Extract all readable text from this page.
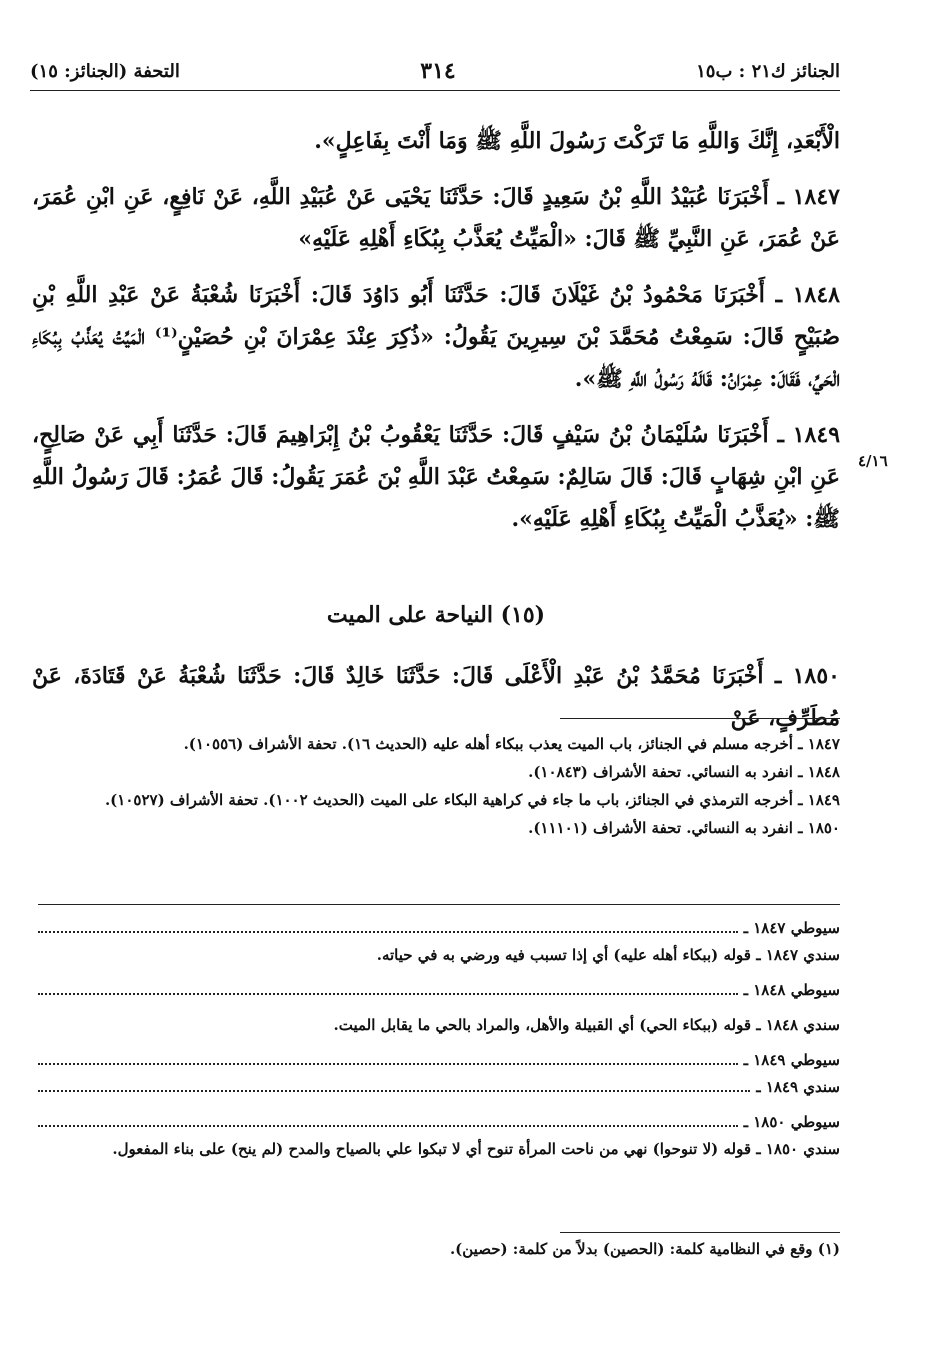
الجنائز ك٢١ : ب١٥
٣١٤
التحفة (الجنائز: ١٥)

الْأَبْعَدِ، إِنَّكَ وَاللَّهِ مَا تَرَكْتَ رَسُولَ اللَّهِ ﷺ وَمَا أَنْتَ بِفَاعِلٍ».

١٨٤٧ ـ أَخْبَرَنَا عُبَيْدُ اللَّهِ بْنُ سَعِيدٍ قَالَ: حَدَّثَنَا يَحْيَى عَنْ عُبَيْدِ اللَّهِ، عَنْ نَافِعٍ، عَنِ ابْنِ عُمَرَ، عَنْ عُمَرَ، عَنِ النَّبِيِّ ﷺ قَالَ: «الْمَيِّتُ يُعَذَّبُ بِبُكَاءِ أَهْلِهِ عَلَيْهِ»

١٨٤٨ ـ أَخْبَرَنَا مَحْمُودُ بْنُ غَيْلَانَ قَالَ: حَدَّثَنَا أَبُو دَاوُدَ قَالَ: أَخْبَرَنَا شُعْبَةُ عَنْ عَبْدِ اللَّهِ بْنِ صُبَيْحٍ قَالَ: سَمِعْتُ مُحَمَّدَ بْنَ سِيرِينَ يَقُولُ: «ذُكِرَ عِنْدَ عِمْرَانَ بْنِ حُصَيْنٍ⁽¹⁾ الْمَيِّتُ يُعَذَّبُ بِبُكَاءِ الْحَيِّ، فَقَالَ: عِمْرَانُ: قَالَهُ رَسُولُ اللَّهِ ﷺ».

١٨٤٩ ـ أَخْبَرَنَا سُلَيْمَانُ بْنُ سَيْفٍ قَالَ: حَدَّثَنَا يَعْقُوبُ بْنُ إِبْرَاهِيمَ قَالَ: حَدَّثَنَا أَبِي عَنْ صَالِحٍ، عَنِ ابْنِ شِهَابٍ قَالَ: قَالَ سَالِمٌ: سَمِعْتُ عَبْدَ اللَّهِ بْنَ عُمَرَ يَقُولُ: قَالَ عُمَرُ: قَالَ رَسُولُ اللَّهِ ﷺ: «يُعَذَّبُ الْمَيِّتُ بِبُكَاءِ أَهْلِهِ عَلَيْهِ».

٤/١٦
(١٥) النياحة على الميت
١٨٥٠ ـ أَخْبَرَنَا مُحَمَّدُ بْنُ عَبْدِ الْأَعْلَى قَالَ: حَدَّثَنَا خَالِدٌ قَالَ: حَدَّثَنَا شُعْبَةُ عَنْ قَتَادَةَ، عَنْ مُطَرِّفٍ، عَنْ

١٨٤٧ ـ أخرجه مسلم في الجنائز، باب الميت يعذب ببكاء أهله عليه (الحديث ١٦). تحفة الأشراف (١٠٥٥٦).

١٨٤٨ ـ انفرد به النسائي. تحفة الأشراف (١٠٨٤٣).

١٨٤٩ ـ أخرجه الترمذي في الجنائز، باب ما جاء في كراهية البكاء على الميت (الحديث ١٠٠٢). تحفة الأشراف (١٠٥٢٧).

١٨٥٠ ـ انفرد به النسائي. تحفة الأشراف (١١١٠١).

سيوطي ١٨٤٧ ـ
سندي ١٨٤٧ ـ قوله (ببكاء أهله عليه) أي إذا تسبب فيه ورضي به في حياته.
سيوطي ١٨٤٨ ـ
سندي ١٨٤٨ ـ قوله (ببكاء الحي) أي القبيلة والأهل، والمراد بالحي ما يقابل الميت.
سيوطي ١٨٤٩ ـ
سندي ١٨٤٩ ـ
سيوطي ١٨٥٠ ـ
سندي ١٨٥٠ ـ قوله (لا تنوحوا) نهي من ناحت المرأة تنوح أي لا تبكوا علي بالصياح والمدح (لم ينح) على بناء المفعول.
(١) وقع في النظامية كلمة: (الحصين) بدلاً من كلمة: (حصين).
